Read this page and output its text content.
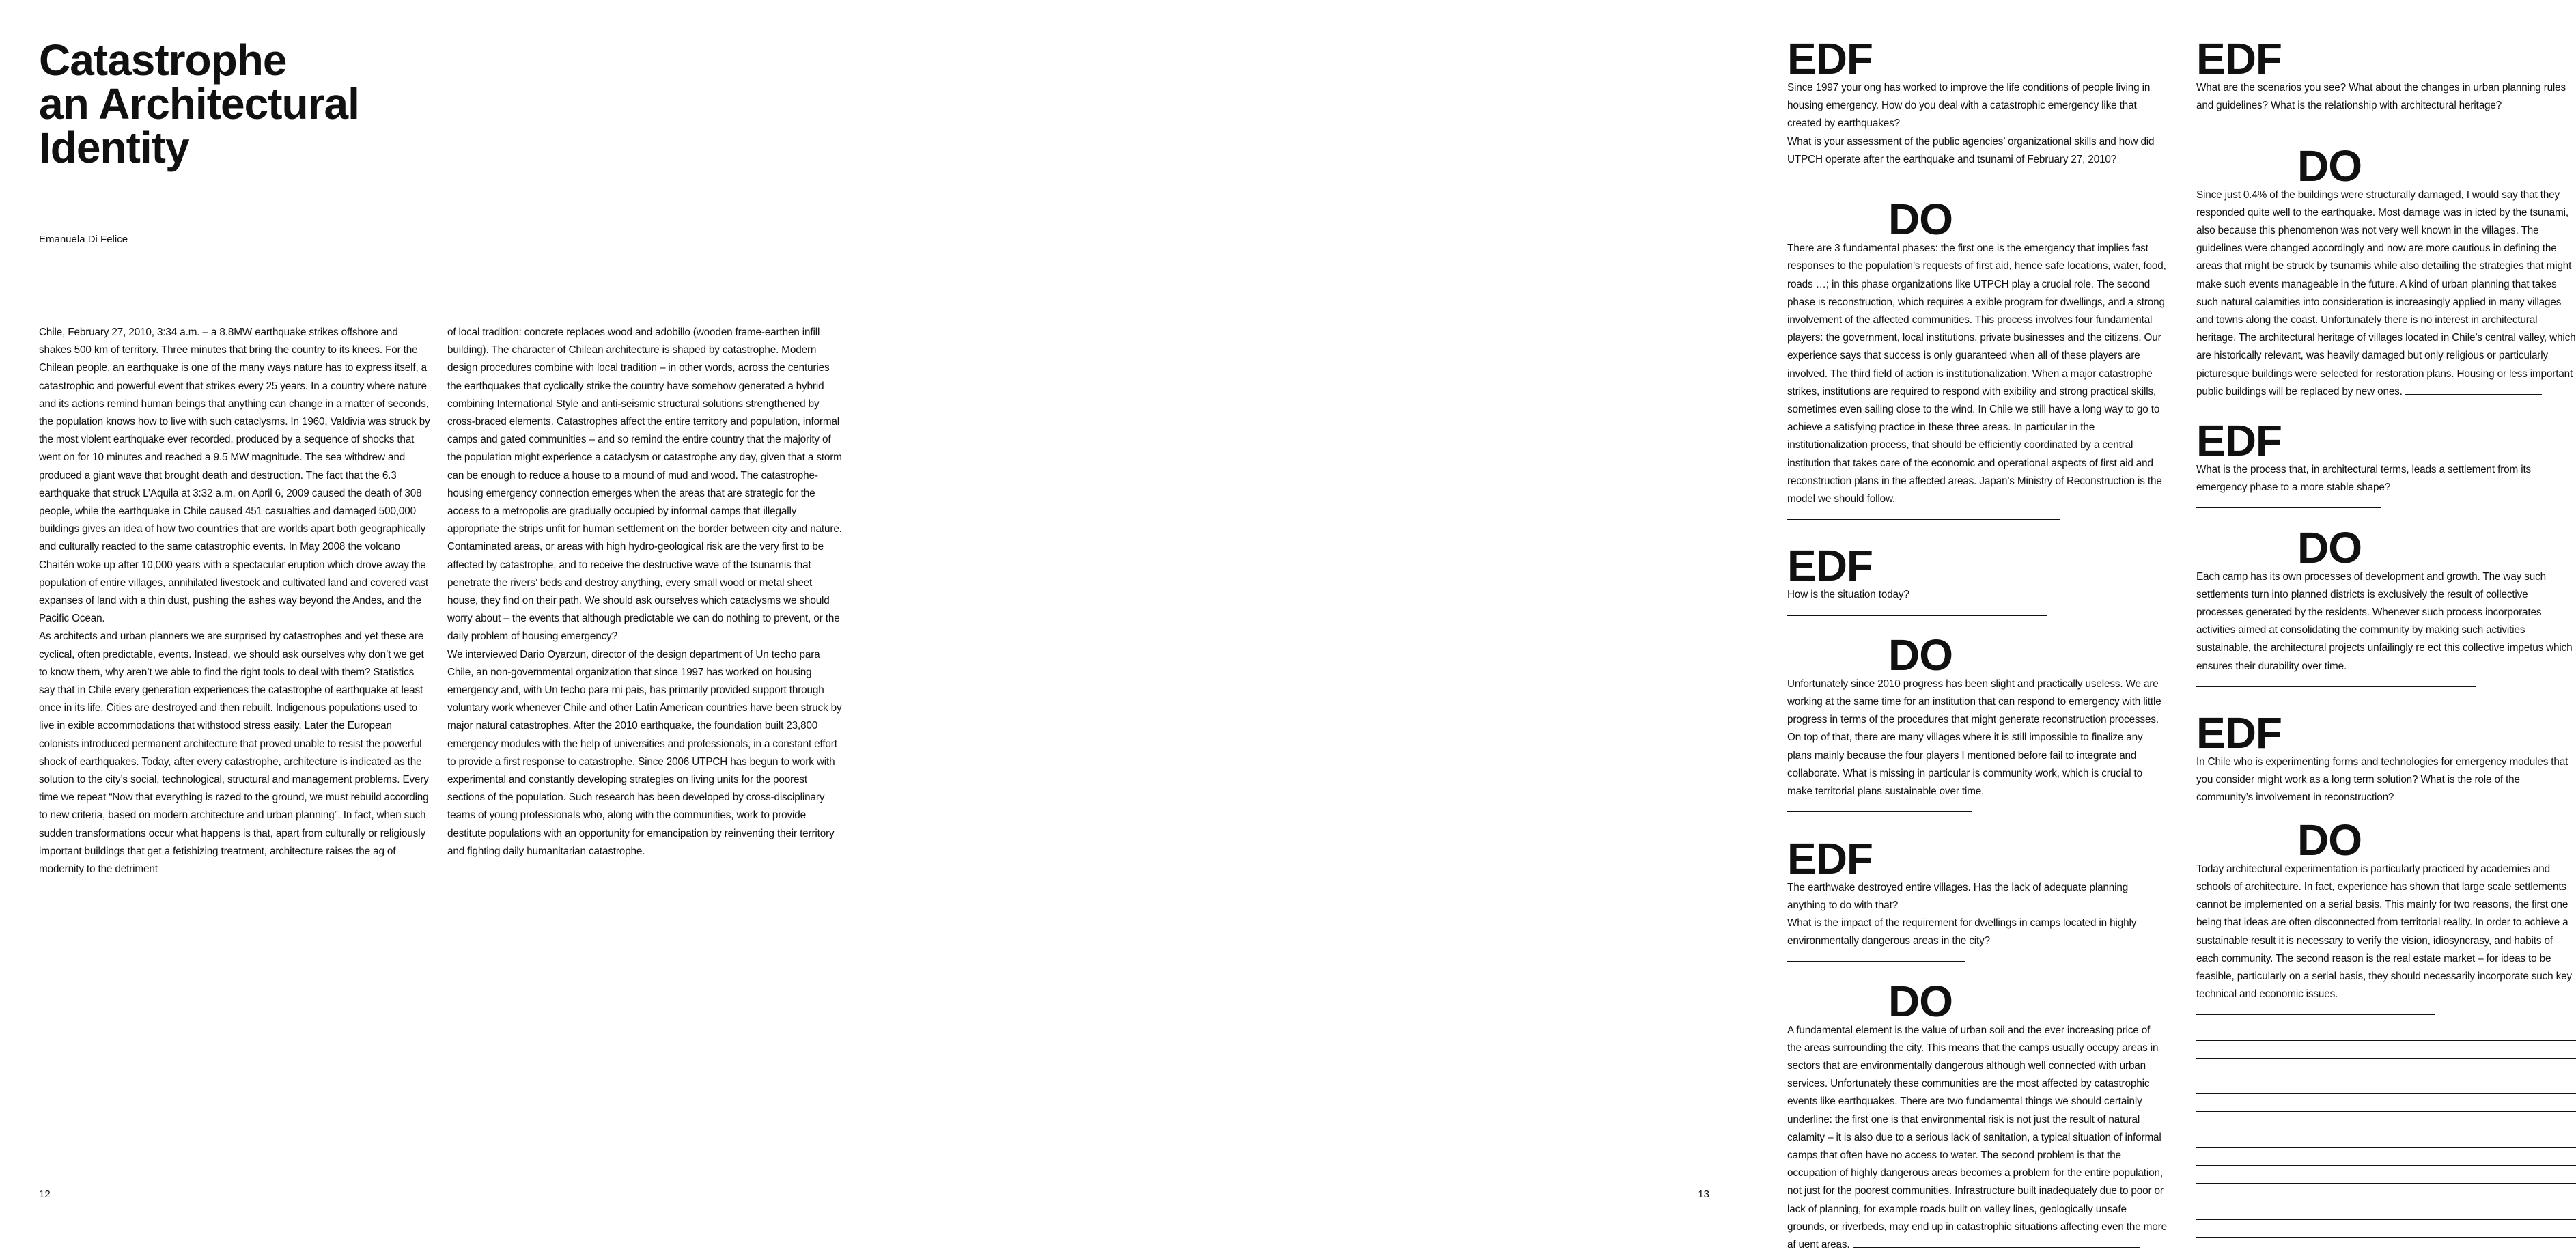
Catastrophe
an Architectural
Identity
Emanuela Di Felice

Chile, February 27, 2010, 3:34 a.m. – a 8.8MW earthquake strikes offshore and shakes 500 km of territory. Three minutes that bring the country to its knees. For the Chilean people, an earthquake is one of the many ways nature has to express itself, a catastrophic and powerful event that strikes every 25 years. In a country where nature and its actions remind human beings that anything can change in a matter of seconds, the population knows how to live with such cataclysms. In 1960, Valdivia was struck by the most violent earthquake ever recorded, produced by a sequence of shocks that went on for 10 minutes and reached a 9.5 MW magnitude. The sea withdrew and produced a giant wave that brought death and destruction. The fact that the 6.3 earthquake that struck L’Aquila at 3:32 a.m. on April 6, 2009 caused the death of 308 people, while the earthquake in Chile caused 451 casualties and damaged 500,000 buildings gives an idea of how two countries that are worlds apart both geographically and culturally reacted to the same catastrophic events. In May 2008 the volcano Chaitén woke up after 10,000 years with a spectacular eruption which drove away the population of entire villages, annihilated livestock and cultivated land and covered vast expanses of land with a thin dust, pushing the ashes way beyond the Andes, and the Pacific Ocean.

As architects and urban planners we are surprised by catastrophes and yet these are cyclical, often predictable, events. Instead, we should ask ourselves why don’t we get to know them, why aren’t we able to find the right tools to deal with them? Statistics say that in Chile every generation experiences the catastrophe of earthquake at least once in its life. Cities are destroyed and then rebuilt. Indigenous populations used to live in exible accommodations that withstood stress easily. Later the European colonists introduced permanent architecture that proved unable to resist the powerful shock of earthquakes. Today, after every catastrophe, architecture is indicated as the solution to the city’s social, technological, structural and management problems. Every time we repeat “Now that everything is razed to the ground, we must rebuild according to new criteria, based on modern architecture and urban planning”. In fact, when such sudden transformations occur what happens is that, apart from culturally or religiously important buildings that get a fetishizing treatment, architecture raises the ag of modernity to the detriment

of local tradition: concrete replaces wood and adobillo (wooden frame-earthen infill building). The character of Chilean architecture is shaped by catastrophe. Modern design procedures combine with local tradition – in other words, across the centuries the earthquakes that cyclically strike the country have somehow generated a hybrid combining International Style and anti-seismic structural solutions strengthened by cross-braced elements. Catastrophes affect the entire territory and population, informal camps and gated communities – and so remind the entire country that the majority of the population might experience a cataclysm or catastrophe any day, given that a storm can be enough to reduce a house to a mound of mud and wood. The catastrophe-housing emergency connection emerges when the areas that are strategic for the access to a metropolis are gradually occupied by informal camps that illegally appropriate the strips unfit for human settlement on the border between city and nature. Contaminated areas, or areas with high hydro-geological risk are the very first to be affected by catastrophe, and to receive the destructive wave of the tsunamis that penetrate the rivers’ beds and destroy anything, every small wood or metal sheet house, they find on their path. We should ask ourselves which cataclysms we should worry about – the events that although predictable we can do nothing to prevent, or the daily problem of housing emergency?

We interviewed Dario Oyarzun, director of the design department of Un techo para Chile, an non-governmental organization that since 1997 has worked on housing emergency and, with Un techo para mi pais, has primarily provided support through voluntary work whenever Chile and other Latin American countries have been struck by major natural catastrophes. After the 2010 earthquake, the foundation built 23,800 emergency modules with the help of universities and professionals, in a constant effort to provide a first response to catastrophe. Since 2006 UTPCH has begun to work with experimental and constantly developing strategies on living units for the poorest sections of the population. Such research has been developed by cross-disciplinary teams of young professionals who, along with the communities, work to provide destitute populations with an opportunity for emancipation by reinventing their territory and fighting daily humanitarian catastrophe.

12
EDF

Since 1997 your ong has worked to improve the life conditions of people living in housing emergency. How do you deal with a catastrophic emergency like that created by earthquakes?

What is your assessment of the public agencies’ organizational skills and how did UTPCH operate after the earthquake and tsunami of February 27, 2010?

DO
There are 3 fundamental phases: the first one is the emergency that implies fast responses to the population’s requests of first aid, hence safe locations, water, food, roads …; in this phase organizations like UTPCH play a crucial role. The second phase is reconstruction, which requires a exible program for dwellings, and a strong involvement of the affected communities. This process involves four fundamental players: the government, local institutions, private businesses and the citizens. Our experience says that success is only guaranteed when all of these players are involved. The third field of action is institutionalization. When a major catastrophe strikes, institutions are required to respond with exibility and strong practical skills, sometimes even sailing close to the wind. In Chile we still have a long way to go to achieve a satisfying practice in these three areas. In particular in the institutionalization process, that should be efficiently coordinated by a central institution that takes care of the economic and operational aspects of first aid and reconstruction plans in the affected areas. Japan’s Ministry of Reconstruction is the model we should follow.
EDF
How is the situation today?
DO
Unfortunately since 2010 progress has been slight and practically useless. We are working at the same time for an institution that can respond to emergency with little progress in terms of the procedures that might generate reconstruction processes. On top of that, there are many villages where it is still impossible to finalize any plans mainly because the four players I mentioned before fail to integrate and collaborate. What is missing in particular is community work, which is crucial to make territorial plans sustainable over time.
EDF

The earthwake destroyed entire villages. Has the lack of adequate planning anything to do with that?

What is the impact of the requirement for dwellings in camps located in highly environmentally dangerous areas in the city?

DO
A fundamental element is the value of urban soil and the ever increasing price of the areas surrounding the city. This means that the camps usually occupy areas in sectors that are environmentally dangerous although well connected with urban services. Unfortunately these communities are the most affected by catastrophic events like earthquakes. There are two fundamental things we should certainly underline: the first one is that environmental risk is not just the result of natural calamity – it is also due to a serious lack of sanitation, a typical situation of informal camps that often have no access to water. The second problem is that the occupation of highly dangerous areas becomes a problem for the entire population, not just for the poorest communities. Infrastructure built inadequately due to poor or lack of planning, for example roads built on valley lines, geologically unsafe grounds, or riverbeds, may end up in catastrophic situations affecting even the more af uent areas.
EDF
What are the scenarios you see? What about the changes in urban planning rules and guidelines? What is the relationship with architectural heritage?
DO
Since just 0.4% of the buildings were structurally damaged, I would say that they responded quite well to the earthquake. Most damage was in icted by the tsunami, also because this phenomenon was not very well known in the villages. The guidelines were changed accordingly and now are more cautious in defining the areas that might be struck by tsunamis while also detailing the strategies that might make such events manageable in the future. A kind of urban planning that takes such natural calamities into consideration is increasingly applied in many villages and towns along the coast. Unfortunately there is no interest in architectural heritage. The architectural heritage of villages located in Chile’s central valley, which are historically relevant, was heavily damaged but only religious or particularly picturesque buildings were selected for restoration plans. Housing or less important public buildings will be replaced by new ones.
EDF
What is the process that, in architectural terms, leads a settlement from its emergency phase to a more stable shape?
DO
Each camp has its own processes of development and growth. The way such settlements turn into planned districts is exclusively the result of collective processes generated by the residents. Whenever such process incorporates activities aimed at consolidating the community by making such activities sustainable, the architectural projects unfailingly re ect this collective impetus which ensures their durability over time.
EDF
In Chile who is experimenting forms and technologies for emergency modules that you consider might work as a long term solution? What is the role of the community’s involvement in reconstruction?
DO
Today architectural experimentation is particularly practiced by academies and schools of architecture. In fact, experience has shown that large scale settlements cannot be implemented on a serial basis. This mainly for two reasons, the first one being that ideas are often disconnected from territorial reality. In order to achieve a sustainable result it is necessary to verify the vision, idiosyncrasy, and habits of each community. The second reason is the real estate market – for ideas to be feasible, particularly on a serial basis, they should necessarily incorporate such key technical and economic issues.
13
